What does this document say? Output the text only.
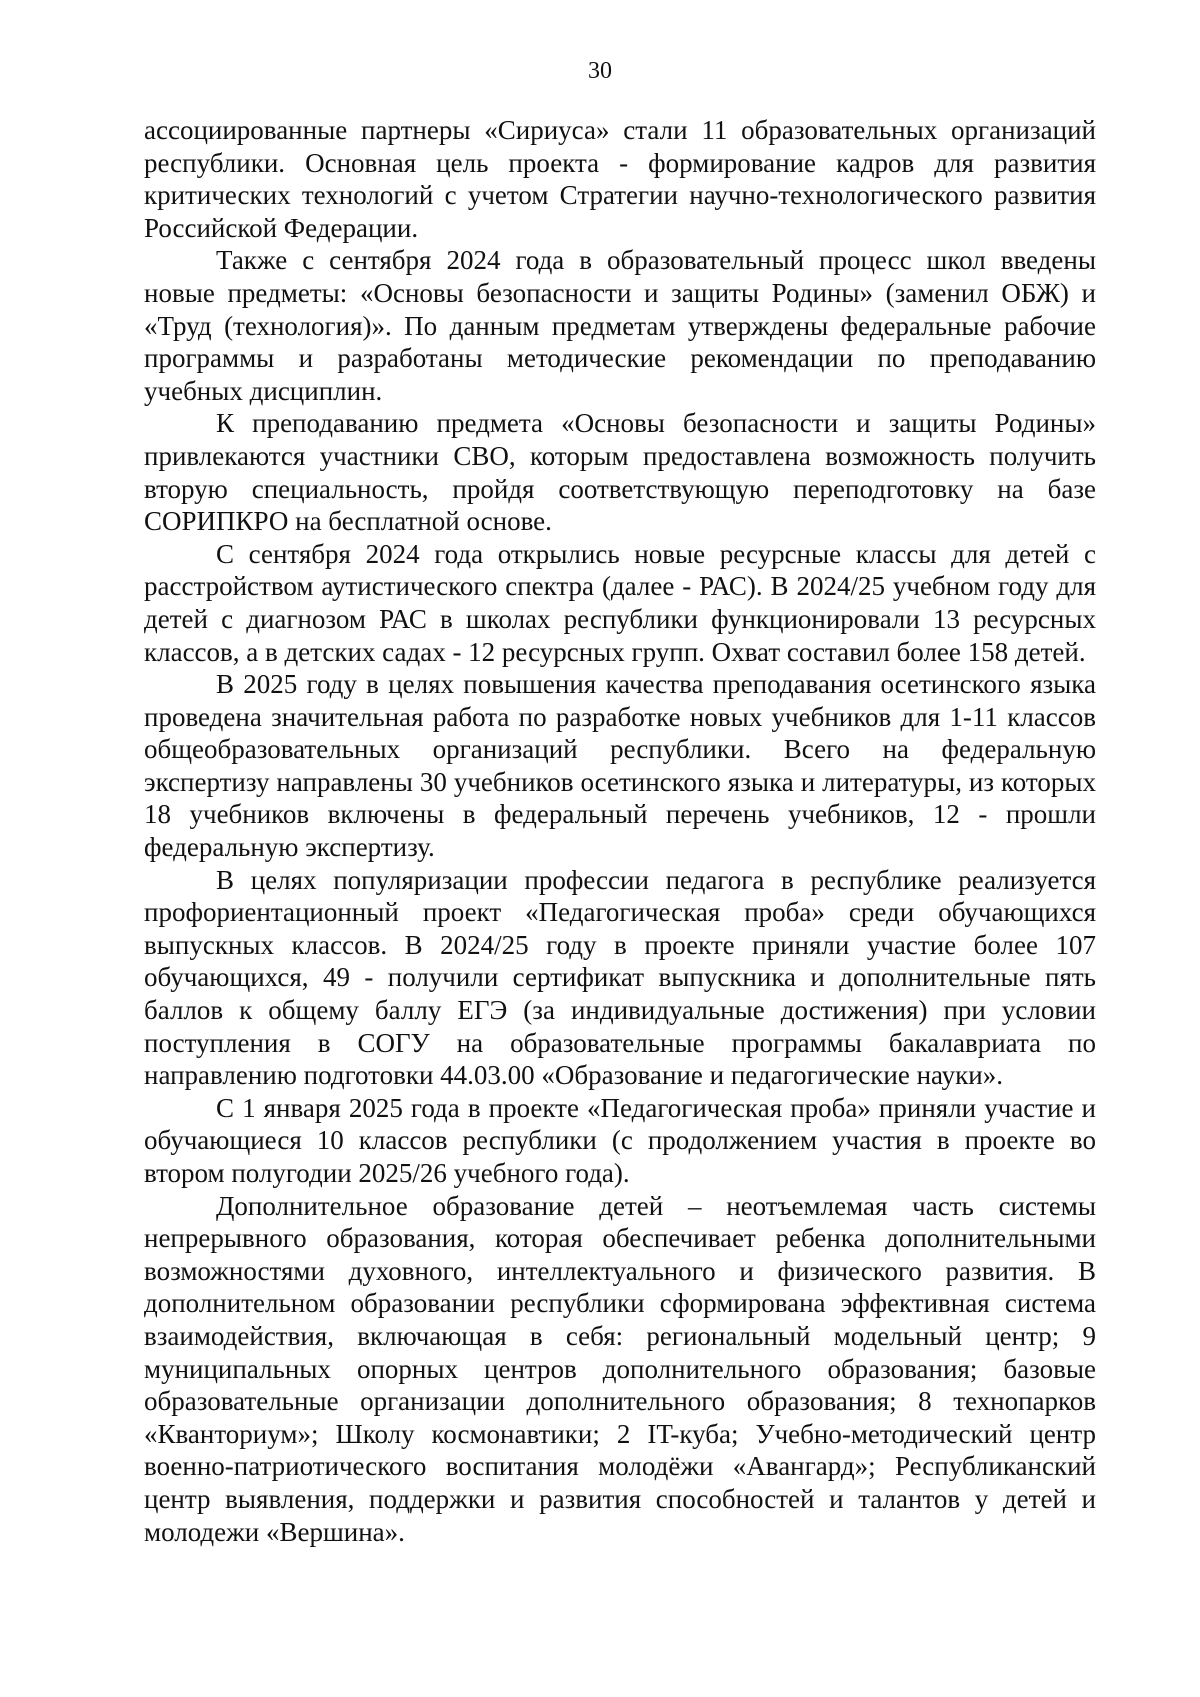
30

ассоциированные партнеры «Сириуса» стали 11 образовательных организаций республики. Основная цель проекта - формирование кадров для развития критических технологий с учетом Стратегии научно-технологического развития Российской Федерации.

Также с сентября 2024 года в образовательный процесс школ введены новые предметы: «Основы безопасности и защиты Родины» (заменил ОБЖ) и «Труд (технология)». По данным предметам утверждены федеральные рабочие программы и разработаны методические рекомендации по преподаванию учебных дисциплин.

К преподаванию предмета «Основы безопасности и защиты Родины» привлекаются участники СВО, которым предоставлена возможность получить вторую специальность, пройдя соответствующую переподготовку на базе СОРИПКРО на бесплатной основе.

С сентября 2024 года открылись новые ресурсные классы для детей с расстройством аутистического спектра (далее - РАС). В 2024/25 учебном году для детей с диагнозом РАС в школах республики функционировали 13 ресурсных классов, а в детских садах - 12 ресурсных групп. Охват составил более 158 детей.

В 2025 году в целях повышения качества преподавания осетинского языка проведена значительная работа по разработке новых учебников для 1-11 классов общеобразовательных организаций республики. Всего на федеральную экспертизу направлены 30 учебников осетинского языка и литературы, из которых 18 учебников включены в федеральный перечень учебников, 12 - прошли федеральную экспертизу.

В целях популяризации профессии педагога в республике реализуется профориентационный проект «Педагогическая проба» среди обучающихся выпускных классов. В 2024/25 году в проекте приняли участие более 107 обучающихся, 49 - получили сертификат выпускника и дополнительные пять баллов к общему баллу ЕГЭ (за индивидуальные достижения) при условии поступления в СОГУ на образовательные программы бакалавриата по направлению подготовки 44.03.00 «Образование и педагогические науки».

С 1 января 2025 года в проекте «Педагогическая проба» приняли участие и обучающиеся 10 классов республики (с продолжением участия в проекте во втором полугодии 2025/26 учебного года).

Дополнительное образование детей – неотъемлемая часть системы непрерывного образования, которая обеспечивает ребенка дополнительными возможностями духовного, интеллектуального и физического развития. В дополнительном образовании республики сформирована эффективная система взаимодействия, включающая в себя: региональный модельный центр; 9 муниципальных опорных центров дополнительного образования; базовые образовательные организации дополнительного образования; 8 технопарков «Кванториум»; Школу космонавтики; 2 IT-куба; Учебно-методический центр военно-патриотического воспитания молодёжи «Авангард»; Республиканский центр выявления, поддержки и развития способностей и талантов у детей и молодежи «Вершина».
